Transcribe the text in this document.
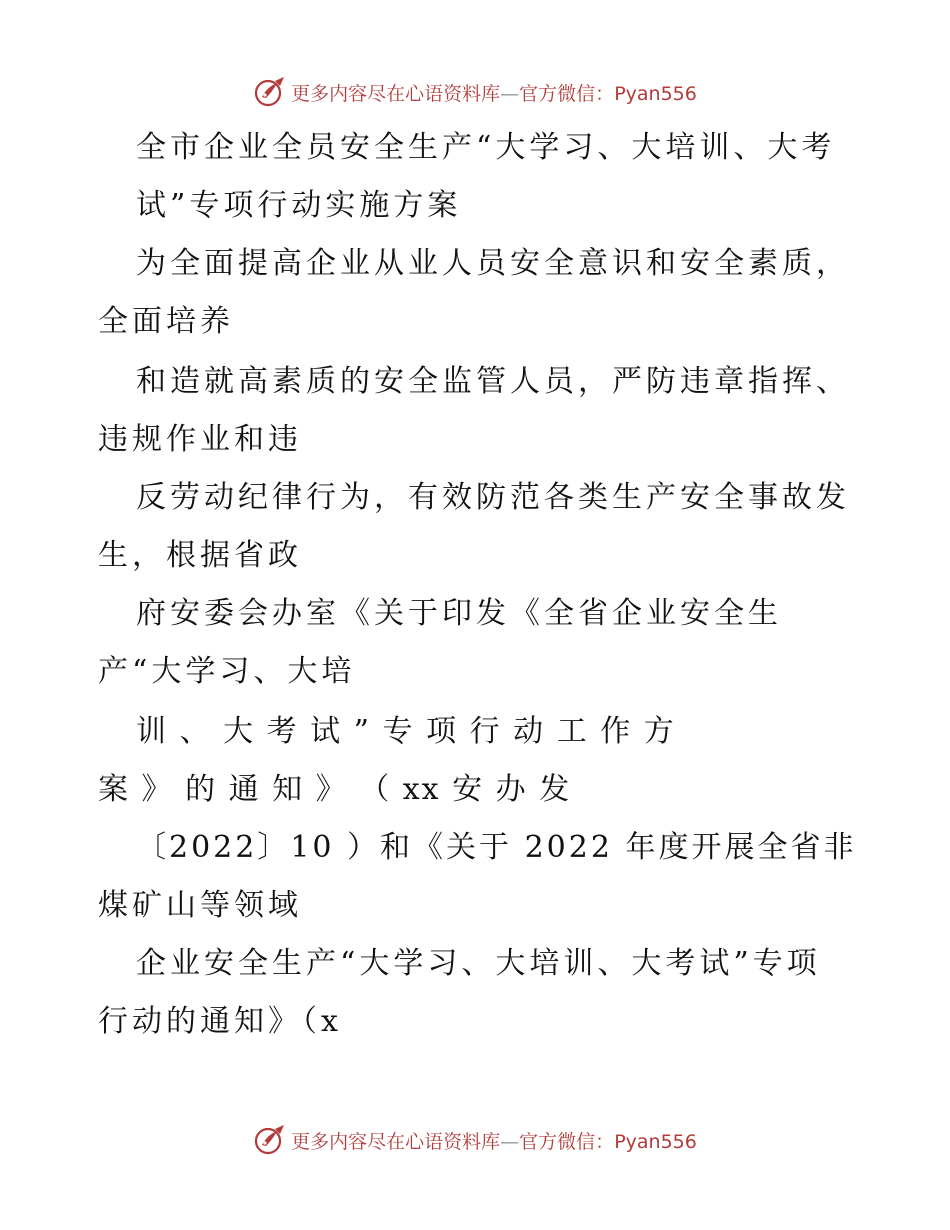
更多内容尽在心语资料库—官方微信：Pyan556
全市企业全员安全生产“大学习、大培训、大考
试”专项行动实施方案
为全面提高企业从业人员安全意识和安全素质，
全面培养
和造就高素质的安全监管人员，严防违章指挥、
违规作业和违
反劳动纪律行为，有效防范各类生产安全事故发
生，根据省政
府安委会办室《关于印发《全省企业安全生
产“大学习、大培
训 、 大 考 试 ” 专 项 行 动 工 作 方
案 》 的 通 知 》 （ xx 安 办 发
〔2022〕10 ）和《关于 2022 年度开展全省非
煤矿山等领域
企业安全生产“大学习、大培训、大考试”专项
行动的通知》（x
更多内容尽在心语资料库—官方微信：Pyan556
